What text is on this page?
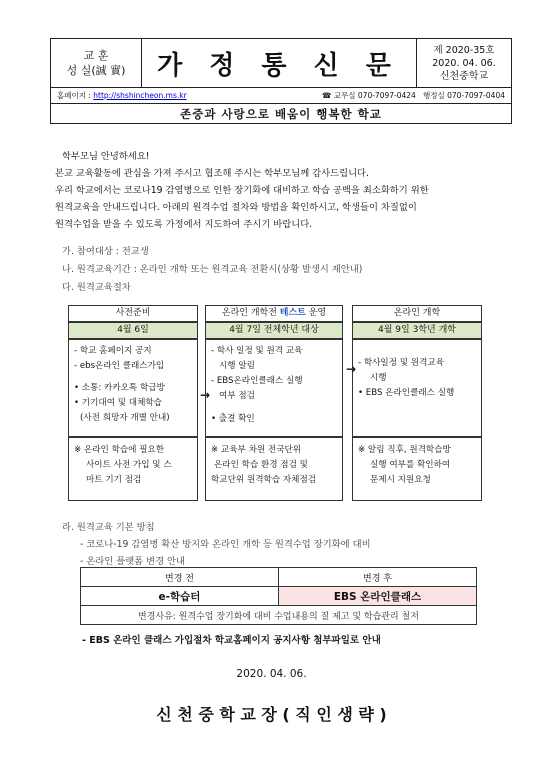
교 훈
성 실(誠 實)	가 정 통 신 문
제 2020-35호
2020. 04. 06.
신천중학교
홈페이지 : http://shshincheon.ms.kr	☎ 교무실 070-7097-0424 행정실 070-7097-0404
존중과 사랑으로 배움이 행복한 학교
학부모님 안녕하세요!
본교 교육활동에 관심을 가져 주시고 협조해 주시는 학부모님께 감사드립니다.
우리 학교에서는 코로나19 감염병으로 인한 장기화에 대비하고 학습 공백을 최소화하기 위한
원격교육을 안내드립니다. 아래의 원격수업 절차와 방법을 확인하시고, 학생들이 차질없이
원격수업을 받을 수 있도록 가정에서 지도하여 주시기 바랍니다.
가. 참여대상 : 전교생
나. 원격교육기간 : 온라인 개학 또는 원격교육 전환시(상황 발생시 재안내)
다. 원격교육절차
사전준비
4월 6일
- 학교 홈페이지 공지
- ebs온라인 클래스가입
• 소통: 카카오톡 학급방
• 기기대여 및 대체학습
(사전 희망자 개별 안내)
※ 온라인 학습에 필요한
사이트 사전 가입 및 스
마트 기기 점검
→
온라인 개학전 테스트 운영
4월 7일 전체학년 대상
- 학사 일정 및 원격 교육
시행 알림
- EBS온라인클래스 실행
여부 점검
• 출결 확인
※ 교육부 차원 전국단위
온라인 학습 환경 점검 및
학교단위 원격학습 자체점검
→
온라인 개학
4월 9일 3학년 개학
- 학사일정 및 원격교육
시행
• EBS 온라인클래스 실행
※ 알림 직후, 원격학습방
실행 여부를 확인하여
문제시 지원요청
라. 원격교육 기본 방침
- 코로나-19 감염병 확산 방지와 온라인 개학 등 원격수업 장기화에 대비
- 온라인 플랫폼 변경 안내
변경 전	변경 후
e-학습터	EBS 온라인클래스
변경사유: 원격수업 장기화에 대비 수업내용의 질 제고 및 학습관리 철저	
- EBS 온라인 클래스 가입절차 학교홈페이지 공지사항 첨부파일로 안내
2020. 04. 06.
신 천 중 학 교 장 ( 직 인 생 략 )
